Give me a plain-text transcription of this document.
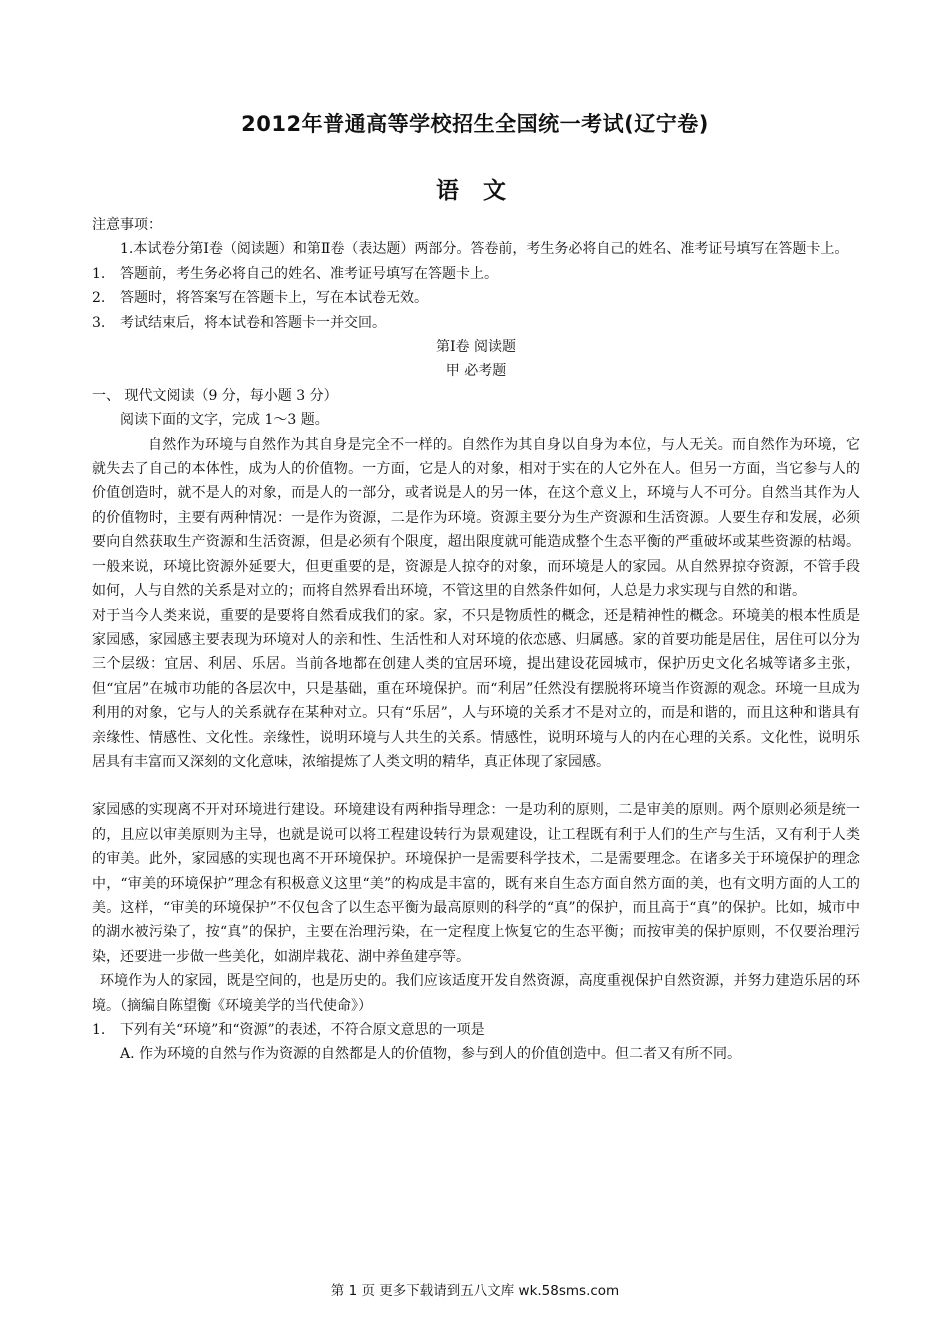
2012年普通高等学校招生全国统一考试(辽宁卷)
语 文

注意事项：

1.本试卷分第Ⅰ卷（阅读题）和第Ⅱ卷（表达题）两部分。答卷前，考生务必将自己的姓名、准考证号填写在答题卡上。

1. 答题前，考生务必将自己的姓名、准考证号填写在答题卡上。

2. 答题时，将答案写在答题卡上，写在本试卷无效。

3. 考试结束后，将本试卷和答题卡一并交回。

第Ⅰ卷 阅读题

甲 必考题

一、 现代文阅读（9 分，每小题 3 分）

阅读下面的文字，完成 1～3 题。

自然作为环境与自然作为其自身是完全不一样的。自然作为其自身以自身为本位，与人无关。而自然作为环境，它就失去了自己的本体性，成为人的价值物。一方面，它是人的对象，相对于实在的人它外在人。但另一方面，当它参与人的价值创造时，就不是人的对象，而是人的一部分，或者说是人的另一体，在这个意义上，环境与人不可分。自然当其作为人的价值物时，主要有两种情况：一是作为资源，二是作为环境。资源主要分为生产资源和生活资源。人要生存和发展，必须要向自然获取生产资源和生活资源，但是必须有个限度，超出限度就可能造成整个生态平衡的严重破坏或某些资源的枯竭。一般来说，环境比资源外延要大，但更重要的是，资源是人掠夺的对象，而环境是人的家园。从自然界掠夺资源，不管手段如何，人与自然的关系是对立的；而将自然界看出环境，不管这里的自然条件如何，人总是力求实现与自然的和谐。

对于当今人类来说，重要的是要将自然看成我们的家。家，不只是物质性的概念，还是精神性的概念。环境美的根本性质是家园感，家园感主要表现为环境对人的亲和性、生活性和人对环境的依恋感、归属感。家的首要功能是居住，居住可以分为三个层级：宜居、利居、乐居。当前各地都在创建人类的宜居环境，提出建设花园城市，保护历史文化名城等诸多主张，但“宜居”在城市功能的各层次中，只是基础，重在环境保护。而“利居”任然没有摆脱将环境当作资源的观念。环境一旦成为利用的对象，它与人的关系就存在某种对立。只有“乐居”，人与环境的关系才不是对立的，而是和谐的，而且这种和谐具有亲缘性、情感性、文化性。亲缘性，说明环境与人共生的关系。情感性，说明环境与人的内在心理的关系。文化性，说明乐居具有丰富而又深刻的文化意味，浓缩提炼了人类文明的精华，真正体现了家园感。

家园感的实现离不开对环境进行建设。环境建设有两种指导理念：一是功利的原则，二是审美的原则。两个原则必须是统一的，且应以审美原则为主导，也就是说可以将工程建设转行为景观建设，让工程既有利于人们的生产与生活，又有利于人类的审美。此外，家园感的实现也离不开环境保护。环境保护一是需要科学技术，二是需要理念。在诸多关于环境保护的理念中，“审美的环境保护”理念有积极意义这里“美”的构成是丰富的，既有来自生态方面自然方面的美，也有文明方面的人工的美。这样，“审美的环境保护”不仅包含了以生态平衡为最高原则的科学的“真”的保护，而且高于“真”的保护。比如，城市中的湖水被污染了，按“真”的保护，主要在治理污染，在一定程度上恢复它的生态平衡；而按审美的保护原则，不仅要治理污染，还要进一步做一些美化，如湖岸栽花、湖中养鱼建亭等。

环境作为人的家园，既是空间的，也是历史的。我们应该适度开发自然资源，高度重视保护自然资源，并努力建造乐居的环境。（摘编自陈望衡《环境美学的当代使命》）

1. 下列有关“环境”和“资源”的表述，不符合原文意思的一项是

A. 作为环境的自然与作为资源的自然都是人的价值物，参与到人的价值创造中。但二者又有所不同。

第 1 页 更多下载请到五八文库 wk.58sms.com
